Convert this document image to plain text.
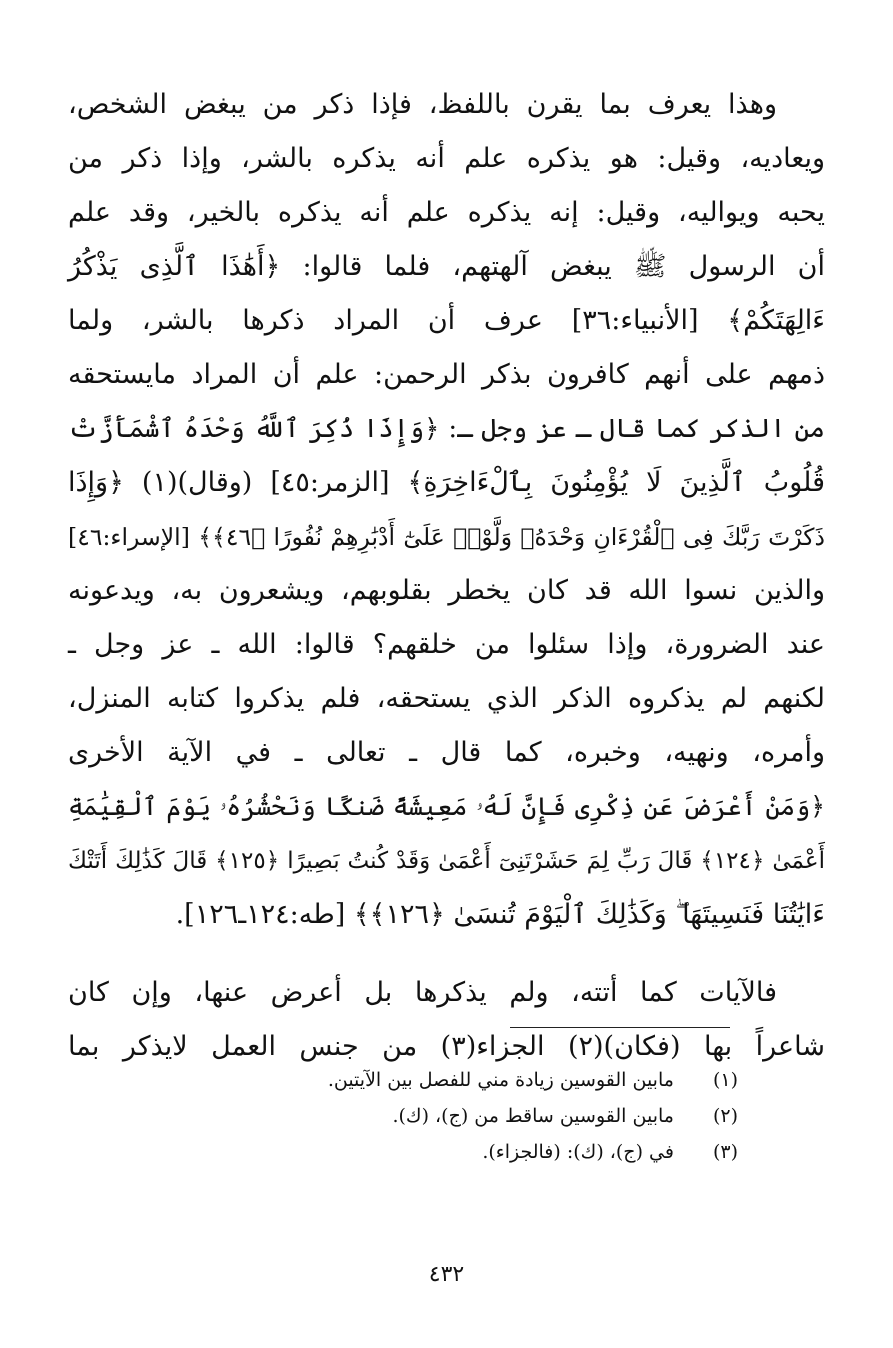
وهذا يعرف بما يقرن باللفظ، فإذا ذكر من يبغض الشخص،
ويعاديه، وقيل: هو يذكره علم أنه يذكره بالشر، وإذا ذكر من
يحبه ويواليه، وقيل: إنه يذكره علم أنه يذكره بالخير، وقد علم
أن الرسول ﷺ يبغض آلهتهم، فلما قالوا: ﴿أَهَٰذَا ٱلَّذِى يَذْكُرُ
ءَالِهَتَكُمْ﴾ [الأنبياء:٣٦] عرف أن المراد ذكرها بالشر، ولما
ذمهم على أنهم كافرون بذكر الرحمن: علم أن المراد مايستحقه
من الذكر كما قال ـ عز وجل ـ: ﴿وَإِذَا ذُكِرَ ٱللَّهُ وَحْدَهُ ٱشْمَأَزَّتْ
قُلُوبُ ٱلَّذِينَ لَا يُؤْمِنُونَ بِٱلْءَاخِرَةِ﴾ [الزمر:٤٥] (وقال)(١) ﴿وَإِذَا
ذَكَرْتَ رَبَّكَ فِى ٱلْقُرْءَانِ وَحْدَهُۥ وَلَّوْا۟ عَلَىٰٓ أَدْبَٰرِهِمْ نُفُورًا ﴿٤٦﴾﴾ [الإسراء:٤٦]
والذين نسوا الله قد كان يخطر بقلوبهم، ويشعرون به، ويدعونه
عند الضرورة، وإذا سئلوا من خلقهم؟ قالوا: الله ـ عز وجل ـ
لكنهم لم يذكروه الذكر الذي يستحقه، فلم يذكروا كتابه المنزل،
وأمره، ونهيه، وخبره، كما قال ـ تعالى ـ في الآية الأخرى
﴿وَمَنْ أَعْرَضَ عَن ذِكْرِى فَإِنَّ لَهُۥ مَعِيشَةً ضَنكًا وَنَحْشُرُهُۥ يَوْمَ ٱلْقِيَٰمَةِ
أَعْمَىٰ ﴿١٢٤﴾ قَالَ رَبِّ لِمَ حَشَرْتَنِىٓ أَعْمَىٰ وَقَدْ كُنتُ بَصِيرًا ﴿١٢٥﴾ قَالَ كَذَٰلِكَ أَتَتْكَ
ءَايَٰتُنَا فَنَسِيتَهَا ۖ وَكَذَٰلِكَ ٱلْيَوْمَ تُنسَىٰ ﴿١٢٦﴾﴾ [طه:١٢٤ـ١٢٦].

فالآيات كما أتته، ولم يذكرها بل أعرض عنها، وإن كان
شاعراً بها (فكان)(٢) الجزاء(٣) من جنس العمل لايذكر بما

(١) مابين القوسين زيادة مني للفصل بين الآيتين.
(٢) مابين القوسين ساقط من (ج)، (ك).
(٣) في (ج)، (ك): (فالجزاء).
٤٣٢
